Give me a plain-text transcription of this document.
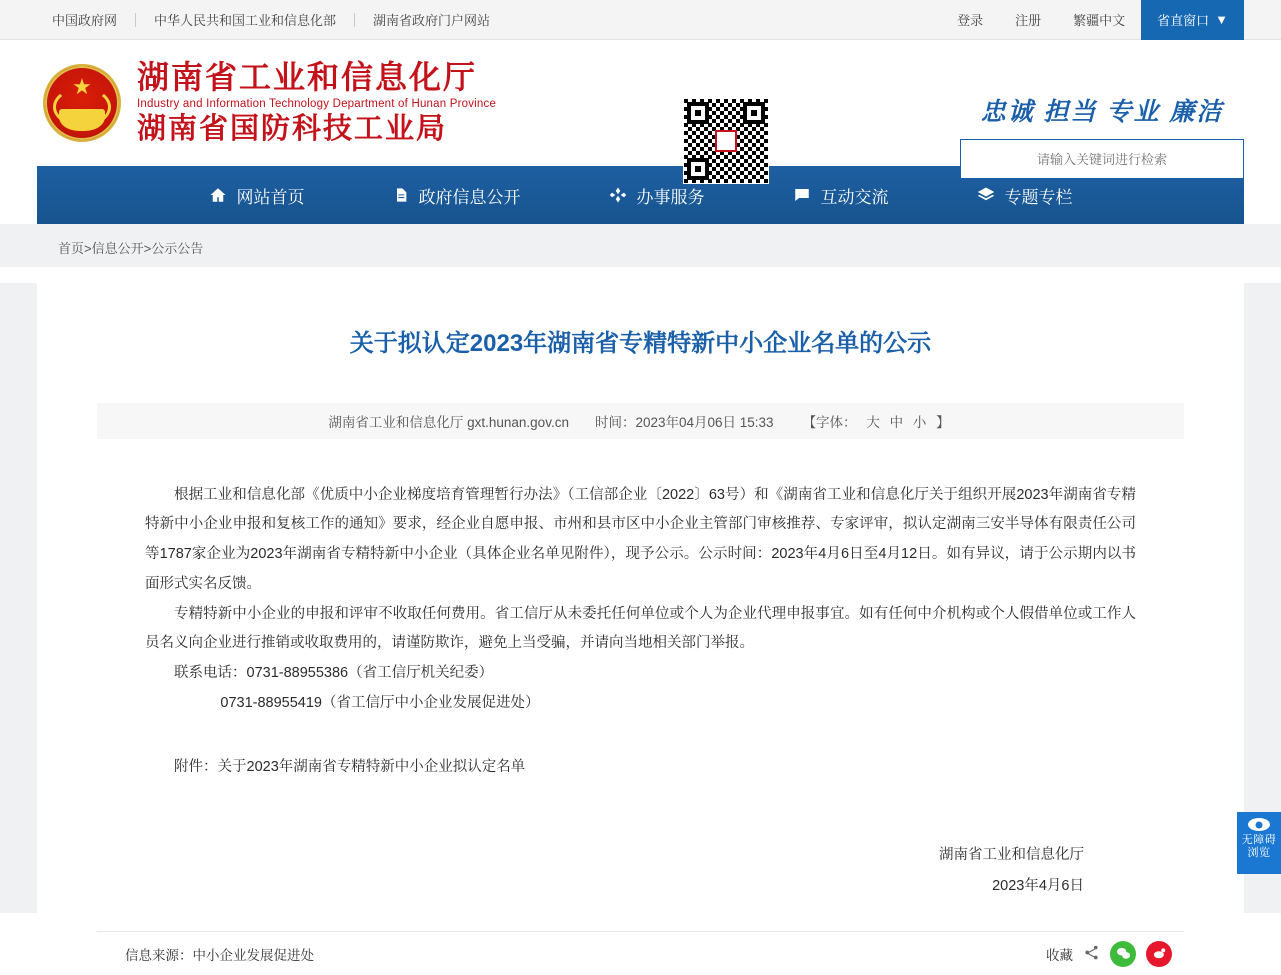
中国政府网	中华人民共和国工业和信息化部	湖南省政府门户网站	登录	注册	繁疆中文	省直窗口 ▼
★ 湖南省工业和信息化厅
Industry and Information Technology Department of Hunan Province
湖南省国防科技工业局
忠诚 担当 专业 廉洁
请输入关键词进行检索
网站首页	政府信息公开	办事服务	互动交流	专题专栏
首页>信息公开>公示公告
关于拟认定2023年湖南省专精特新中小企业名单的公示
湖南省工业和信息化厅 gxt.hunan.gov.cn 时间：2023年04月06日 15:33 【字体： 大 中 小 】

根据工业和信息化部《优质中小企业梯度培育管理暂行办法》（工信部企业〔2022〕63号）和《湖南省工业和信息化厅关于组织开展2023年湖南省专精特新中小企业申报和复核工作的通知》要求，经企业自愿申报、市州和县市区中小企业主管部门审核推荐、专家评审，拟认定湖南三安半导体有限责任公司等1787家企业为2023年湖南省专精特新中小企业（具体企业名单见附件），现予公示。公示时间：2023年4月6日至4月12日。如有异议，请于公示期内以书面形式实名反馈。

专精特新中小企业的申报和评审不收取任何费用。省工信厅从未委托任何单位或个人为企业代理申报事宜。如有任何中介机构或个人假借单位或工作人员名义向企业进行推销或收取费用的，请谨防欺诈，避免上当受骗，并请向当地相关部门举报。

联系电话：0731-88955386（省工信厅机关纪委）

0731-88955419（省工信厅中小企业发展促进处）

附件：关于2023年湖南省专精特新中小企业拟认定名单

湖南省工业和信息化厅
2023年4月6日
信息来源：中小企业发展促进处	收藏
无障碍
浏览
